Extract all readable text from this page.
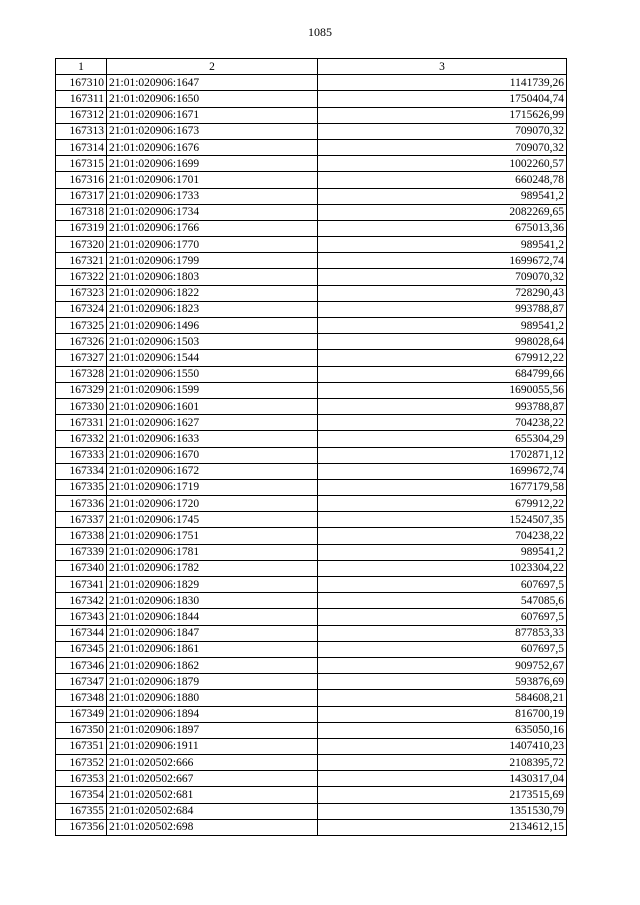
1085
1	2	3
167310	21:01:020906:1647	1141739,26
167311	21:01:020906:1650	1750404,74
167312	21:01:020906:1671	1715626,99
167313	21:01:020906:1673	709070,32
167314	21:01:020906:1676	709070,32
167315	21:01:020906:1699	1002260,57
167316	21:01:020906:1701	660248,78
167317	21:01:020906:1733	989541,2
167318	21:01:020906:1734	2082269,65
167319	21:01:020906:1766	675013,36
167320	21:01:020906:1770	989541,2
167321	21:01:020906:1799	1699672,74
167322	21:01:020906:1803	709070,32
167323	21:01:020906:1822	728290,43
167324	21:01:020906:1823	993788,87
167325	21:01:020906:1496	989541,2
167326	21:01:020906:1503	998028,64
167327	21:01:020906:1544	679912,22
167328	21:01:020906:1550	684799,66
167329	21:01:020906:1599	1690055,56
167330	21:01:020906:1601	993788,87
167331	21:01:020906:1627	704238,22
167332	21:01:020906:1633	655304,29
167333	21:01:020906:1670	1702871,12
167334	21:01:020906:1672	1699672,74
167335	21:01:020906:1719	1677179,58
167336	21:01:020906:1720	679912,22
167337	21:01:020906:1745	1524507,35
167338	21:01:020906:1751	704238,22
167339	21:01:020906:1781	989541,2
167340	21:01:020906:1782	1023304,22
167341	21:01:020906:1829	607697,5
167342	21:01:020906:1830	547085,6
167343	21:01:020906:1844	607697,5
167344	21:01:020906:1847	877853,33
167345	21:01:020906:1861	607697,5
167346	21:01:020906:1862	909752,67
167347	21:01:020906:1879	593876,69
167348	21:01:020906:1880	584608,21
167349	21:01:020906:1894	816700,19
167350	21:01:020906:1897	635050,16
167351	21:01:020906:1911	1407410,23
167352	21:01:020502:666	2108395,72
167353	21:01:020502:667	1430317,04
167354	21:01:020502:681	2173515,69
167355	21:01:020502:684	1351530,79
167356	21:01:020502:698	2134612,15
